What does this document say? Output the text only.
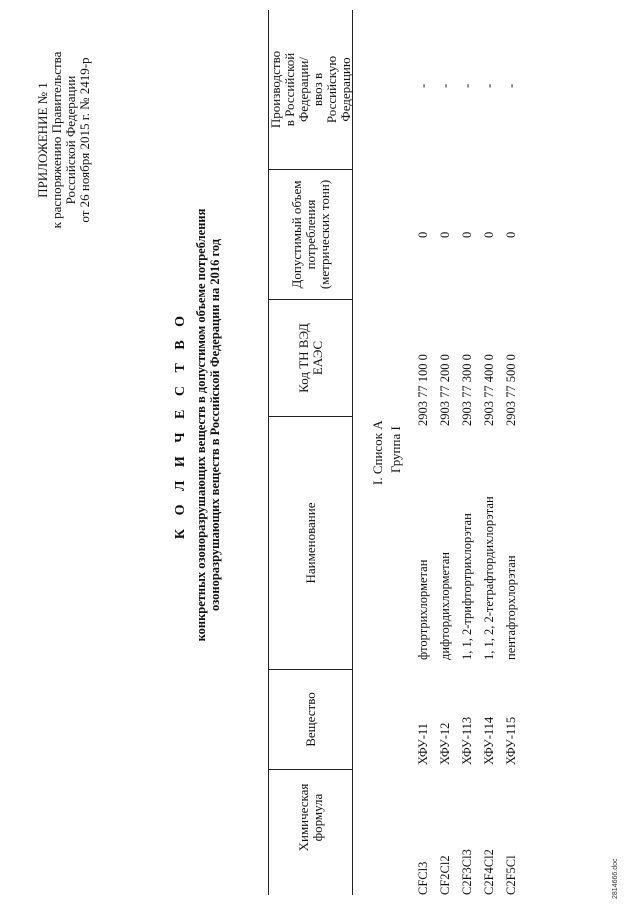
ПРИЛОЖЕНИЕ № 1 к распоряжению Правительства Российской Федерации от 26 ноября 2015 г. № 2419-р
К О Л И Ч Е С Т В О конкретных озоноразрушающих веществ в допустимом объеме потребления озоноразрушающих веществ в Российской Федерации на 2016 год
Химическая формула
Вещество
Наименование
Код ТН ВЭД ЕАЭС
Допустимый объем потребления (метрических тонн)
Производство в Российской Федерации/ввоз в Российскую Федерацию
I. Список А Группа I
CFCl3
ХФУ-11
фтортрихлорметан
2903 77 100 0
0
-
CF2Cl2
ХФУ-12
дифтордихлорметан
2903 77 200 0
0
-
C2F3Cl3
ХФУ-113
1, 1, 2-трифтортрихлорэтан
2903 77 300 0
0
-
C2F4Cl2
ХФУ-114
1, 1, 2, 2-тетрафтордихлорэтан
2903 77 400 0
0
-
C2F5Cl
ХФУ-115
пентафторхлорэтан
2903 77 500 0
0
-
2814666.doc
